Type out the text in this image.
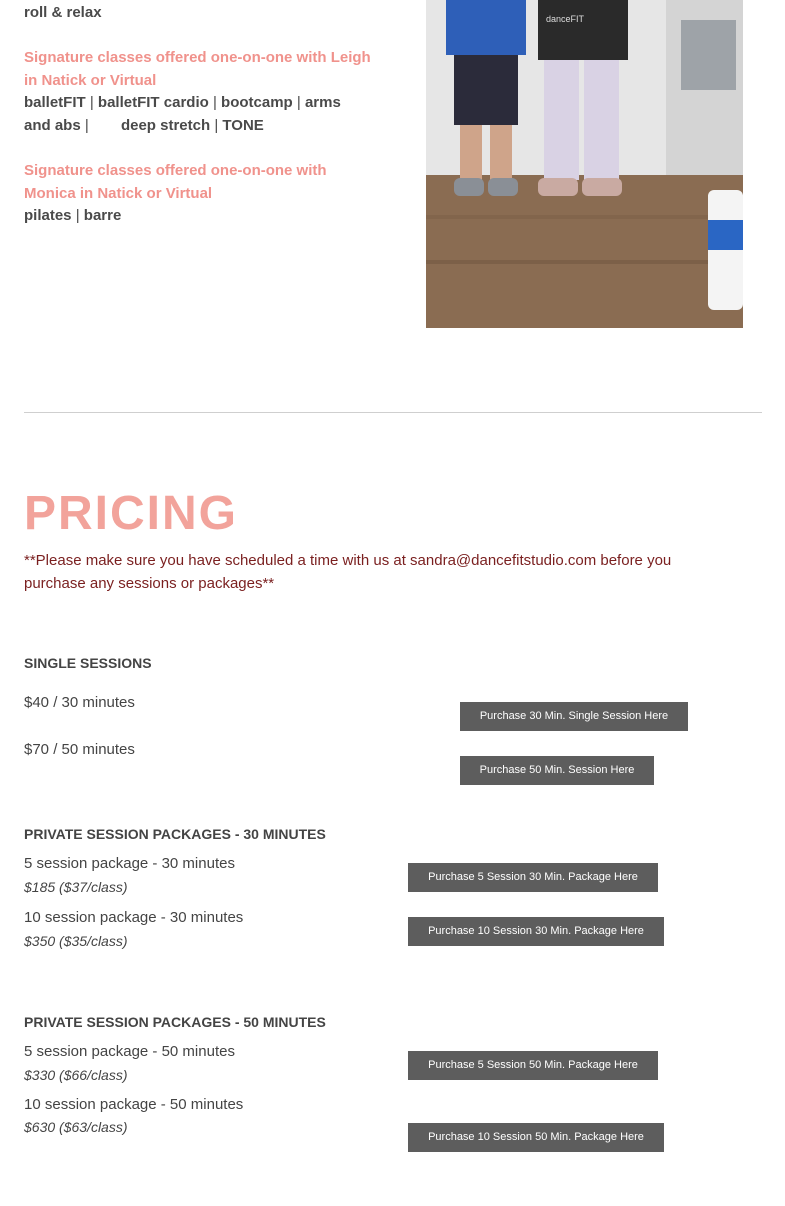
roll & relax
Signature classes offered one-on-one with Leigh in Natick or Virtual
balletFIT | balletFIT cardio | bootcamp | arms and abs | deep stretch | TONE
Signature classes offered one-on-one with Monica in Natick or Virtual
pilates | barre
danceFIT
PRICING
**Please make sure you have scheduled a time with us at sandra@dancefitstudio.com before you purchase any sessions or packages**
SINGLE SESSIONS
$40 / 30 minutes
Purchase 30 Min. Single Session Here
$70 / 50 minutes
Purchase 50 Min. Session Here
PRIVATE SESSION PACKAGES - 30 MINUTES
5 session package - 30 minutes
$185 ($37/class)
Purchase 5 Session 30 Min. Package Here
10 session package - 30 minutes
$350 ($35/class)
Purchase 10 Session 30 Min. Package Here
PRIVATE SESSION PACKAGES - 50 MINUTES
5 session package - 50 minutes
$330 ($66/class)
Purchase 5 Session 50 Min. Package Here
10 session package - 50 minutes
$630 ($63/class)
Purchase 10 Session 50 Min. Package Here
